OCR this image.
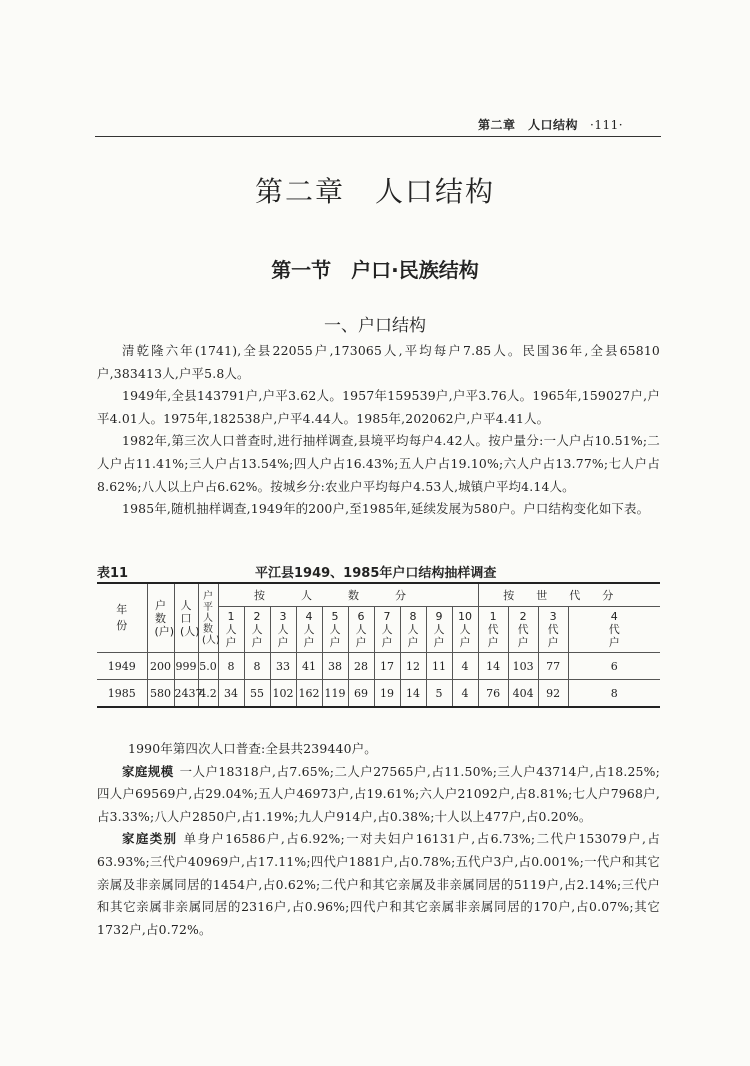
第二章　人口结构 ·111·
第二章　人口结构
第一节　户口·民族结构
一、户口结构

清乾隆六年(1741),全县22055户,173065人,平均每户7.85人。民国36年,全县65810户,383413人,户平5.8人。

1949年,全县143791户,户平3.62人。1957年159539户,户平3.76人。1965年,159027户,户平4.01人。1975年,182538户,户平4.44人。1985年,202062户,户平4.41人。

1982年,第三次人口普查时,进行抽样调查,县境平均每户4.42人。按户量分:一人户占10.51%;二人户占11.41%;三人户占13.54%;四人户占16.43%;五人户占19.10%;六人户占13.77%;七人户占8.62%;八人以上户占6.62%。按城乡分:农业户平均每户4.53人,城镇户平均4.14人。

1985年,随机抽样调查,1949年的200户,至1985年,延续发展为580户。户口结构变化如下表。

表11	平江县1949、1985年户口结构抽样调查
年份	户数(户)	人口(人)	户平人数(人)	按人数分										按世代分			
				1人户	2人户	3人户	4人户	5人户	6人户	7人户	8人户	9人户	10人户	1代户	2代户	3代户	4代户
1949	200	999	5.0	8	8	33	41	38	28	17	12	11	4	14	103	77	6
1985	580	2437	4.2	34	55	102	162	119	69	19	14	5	4	76	404	92	8

1990年第四次人口普查:全县共239440户。

家庭规模 一人户18318户,占7.65%;二人户27565户,占11.50%;三人户43714户,占18.25%;四人户69569户,占29.04%;五人户46973户,占19.61%;六人户21092户,占8.81%;七人户7968户,占3.33%;八人户2850户,占1.19%;九人户914户,占0.38%;十人以上477户,占0.20%。

家庭类别 单身户16586户,占6.92%;一对夫妇户16131户,占6.73%;二代户153079户,占63.93%;三代户40969户,占17.11%;四代户1881户,占0.78%;五代户3户,占0.001%;一代户和其它亲属及非亲属同居的1454户,占0.62%;二代户和其它亲属及非亲属同居的5119户,占2.14%;三代户和其它亲属非亲属同居的2316户,占0.96%;四代户和其它亲属非亲属同居的170户,占0.07%;其它1732户,占0.72%。
